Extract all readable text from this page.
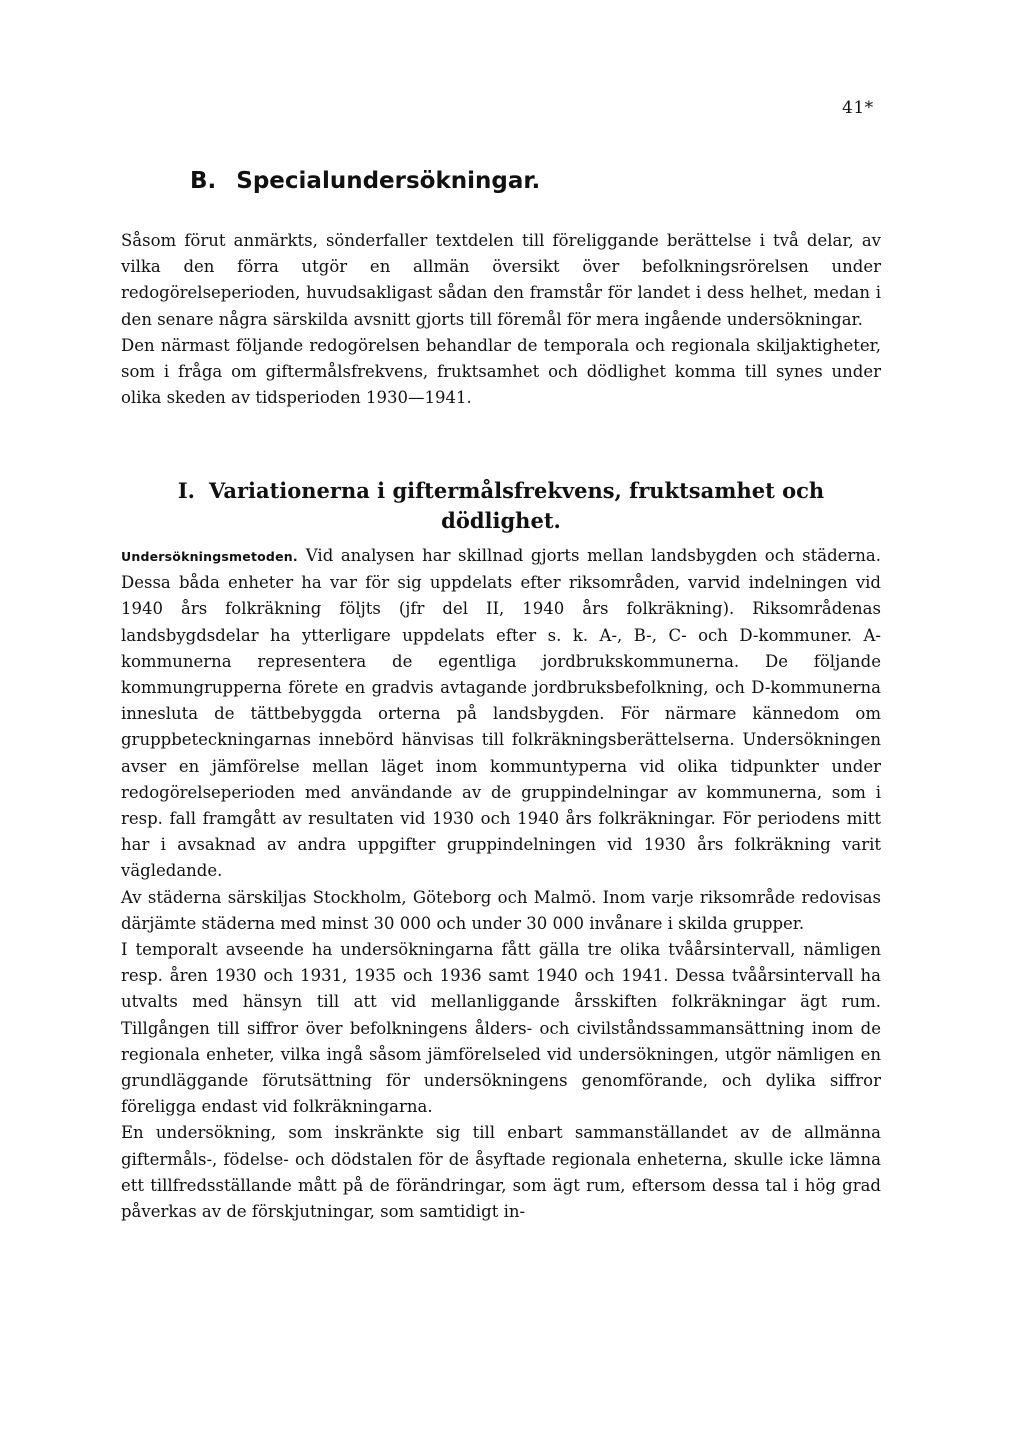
41*
B. Specialundersökningar.

Såsom förut anmärkts, sönderfaller textdelen till föreliggande berättelse i två delar, av vilka den förra utgör en allmän översikt över befolkningsrörelsen under redogörelseperioden, huvudsakligast sådan den framstår för landet i dess helhet, medan i den senare några särskilda avsnitt gjorts till föremål för mera ingående undersökningar.

Den närmast följande redogörelsen behandlar de temporala och regionala skiljaktigheter, som i fråga om giftermålsfrekvens, fruktsamhet och dödlighet komma till synes under olika skeden av tidsperioden 1930—1941.

I. Variationerna i giftermålsfrekvens, fruktsamhet och dödlighet.

Undersökningsmetoden. Vid analysen har skillnad gjorts mellan landsbygden och städerna. Dessa båda enheter ha var för sig uppdelats efter riksområden, varvid indelningen vid 1940 års folkräkning följts (jfr del II, 1940 års folkräkning). Riksområdenas landsbygdsdelar ha ytterligare uppdelats efter s. k. A-, B-, C- och D-kommuner. A-kommunerna representera de egentliga jordbrukskommunerna. De följande kommungrupperna förete en gradvis avtagande jordbruksbefolkning, och D-kommunerna innesluta de tättbebyggda orterna på landsbygden. För närmare kännedom om gruppbeteckningarnas innebörd hänvisas till folkräkningsberättelserna. Undersökningen avser en jämförelse mellan läget inom kommuntyperna vid olika tidpunkter under redogörelseperioden med användande av de gruppindelningar av kommunerna, som i resp. fall framgått av resultaten vid 1930 och 1940 års folkräkningar. För periodens mitt har i avsaknad av andra uppgifter gruppindelningen vid 1930 års folkräkning varit vägledande.

Av städerna särskiljas Stockholm, Göteborg och Malmö. Inom varje riksområde redovisas därjämte städerna med minst 30 000 och under 30 000 invånare i skilda grupper.

I temporalt avseende ha undersökningarna fått gälla tre olika tvåårsintervall, nämligen resp. åren 1930 och 1931, 1935 och 1936 samt 1940 och 1941. Dessa tvåårsintervall ha utvalts med hänsyn till att vid mellanliggande årsskiften folkräkningar ägt rum. Tillgången till siffror över befolkningens ålders- och civilståndssammansättning inom de regionala enheter, vilka ingå såsom jämförelseled vid undersökningen, utgör nämligen en grundläggande förutsättning för undersökningens genomförande, och dylika siffror föreligga endast vid folkräkningarna.

En undersökning, som inskränkte sig till enbart sammanställandet av de allmänna giftermåls-, födelse- och dödstalen för de åsyftade regionala enheterna, skulle icke lämna ett tillfredsställande mått på de förändringar, som ägt rum, eftersom dessa tal i hög grad påverkas av de förskjutningar, som samtidigt in-
